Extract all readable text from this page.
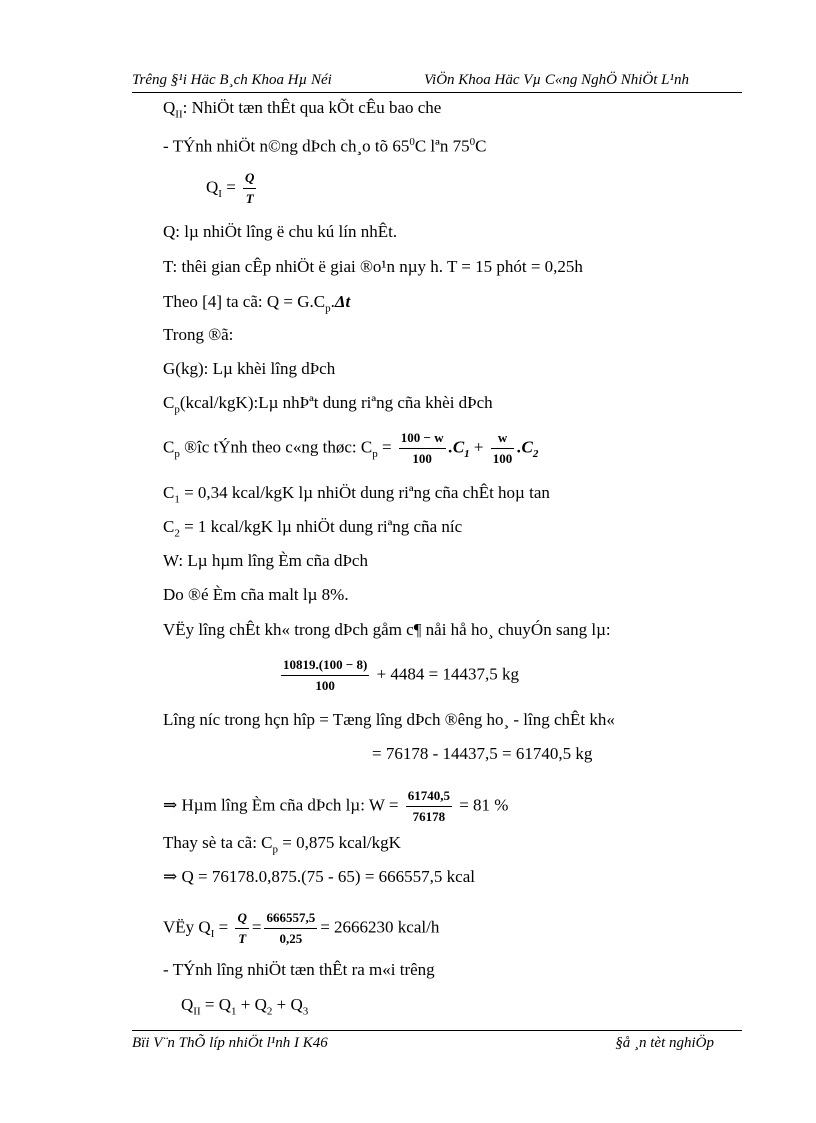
Trêng §¹i Häc B¸ch Khoa Hµ Néi	ViÖn Khoa Häc Vµ C«ng NghÖ NhiÖt L¹nh
$Q_{II}$: NhiÖt tæn thÊt qua kÕt cÊu bao che
- TÝnh nhiÖt n©ng dÞch ch¸o tõ $65^0C$ lªn $75^0C$
$Q_I = \frac{Q}{T}$
Q: lµ nhiÖt lîng ë chu kú lín nhÊt.
T: thêi gian cÊp nhiÖt ë giai ®o¹n nµy h. T = 15 phót = 0,25h
Theo [4] ta cã: $Q = G.C_p.\Delta t$
Trong ®ã:
G(kg): Lµ khèi lîng dÞch
$C_p(kcal/kgK):L\mu$ nhÞªt dung riªng cña khèi dÞch
$C_p$ ®îc tÝnh theo c«ng thøc: $C_p = \frac{100 - w}{100} .C_1 + \frac{w}{100} .C_2$
$C_1 = 0,34$ kcal/kgK lµ nhiÖt dung riªng cña chÊt hoµ tan
$C_2 = 1$ kcal/kgK lµ nhiÖt dung riªng cña níc
W: Lµ hµm lîng Èm cña dÞch
Do ®é Èm cña malt lµ 8%.
VËy lîng chÊt kh« trong dÞch gåm c¶ nåi hå ho¸ chuyÓn sang lµ:
$\frac{10819.(100 - 8)}{100} + 4484 = 14437,5$ kg
Lîng níc trong hçn hîp = Tæng lîng dÞch ®êng ho¸ - lîng chÊt kh«
= 76178 - 14437,5 = 61740,5 kg
⇒ Hµm lîng Èm cña dÞch lµ: $W = \frac{61740,5}{76178} = 81$ %
Thay sè ta cã: $C_p = 0,875$ kcal/kgK
⇒ Q = 76178.0,875.(75 - 65) = 666557,5 kcal
VËy $Q_I = \frac{Q}{T} = \frac{666557,5}{0,25} = 2666230$ kcal/h
- TÝnh lîng nhiÖt tæn thÊt ra m«i trêng
$Q_{II} = Q_1 + Q_2 + Q_3$
Bïi V¨n ThÕ líp nhiÖt l¹nh I K46	§å ¸n tèt nghiÖp
